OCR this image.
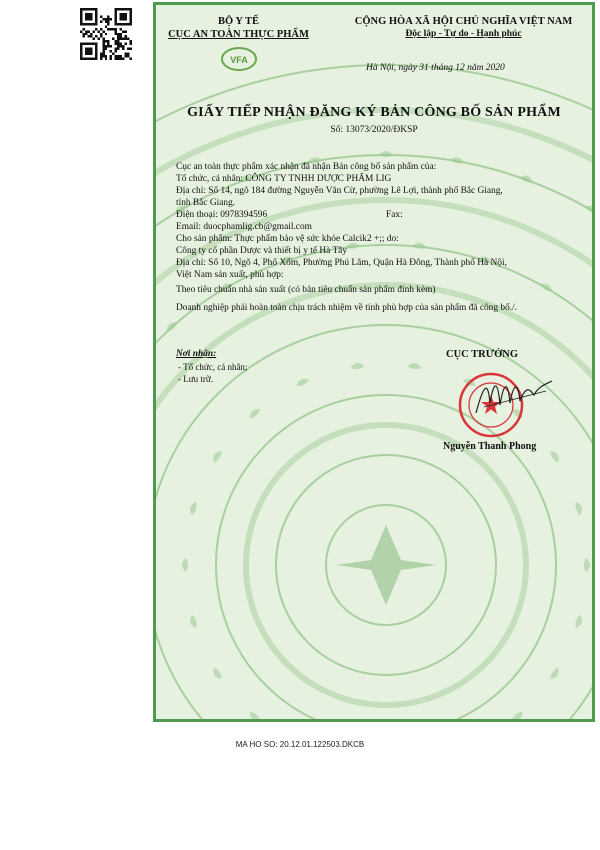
BỘ Y TẾ
CỤC AN TOÀN THỰC PHẨM
VFA
CỘNG HÒA XÃ HỘI CHỦ NGHĨA VIỆT NAM
Độc lập - Tự do - Hạnh phúc
Hà Nội, ngày 31 tháng 12 năm 2020
GIẤY TIẾP NHẬN ĐĂNG KÝ BẢN CÔNG BỐ SẢN PHẨM
Số: 13073/2020/ĐKSP
Cục an toàn thực phẩm xác nhận đã nhận Bản công bố sản phẩm của:
Tổ chức, cá nhân: CÔNG TY TNHH DƯỢC PHẨM LIG
Địa chỉ: Số 14, ngõ 184 đường Nguyễn Văn Cừ, phường Lê Lợi, thành phố Bắc Giang,
tỉnh Bắc Giang.
Điện thoại: 0978394596	Fax:
Email: duocphamlig.cb@gmail.com
Cho sản phẩm: Thực phẩm bảo vệ sức khỏe Calcik2 +;; do:
Công ty cổ phần Dược và thiết bị y tế Hà Tây
Địa chỉ: Số 10, Ngõ 4, Phố Xốm, Phường Phú Lãm, Quận Hà Đông, Thành phố Hà Nội,
Việt Nam sản xuất, phù hợp:
Theo tiêu chuẩn nhà sản xuất (có bản tiêu chuẩn sản phẩm đính kèm)
Doanh nghiệp phải hoàn toàn chịu trách nhiệm về tính phù hợp của sản phẩm đã công bố./.
Nơi nhận:
- Tổ chức, cá nhân;
- Lưu trữ.
CỤC TRƯỞNG
Nguyễn Thanh Phong
MA HO SO: 20.12.01.122503.DKCB
